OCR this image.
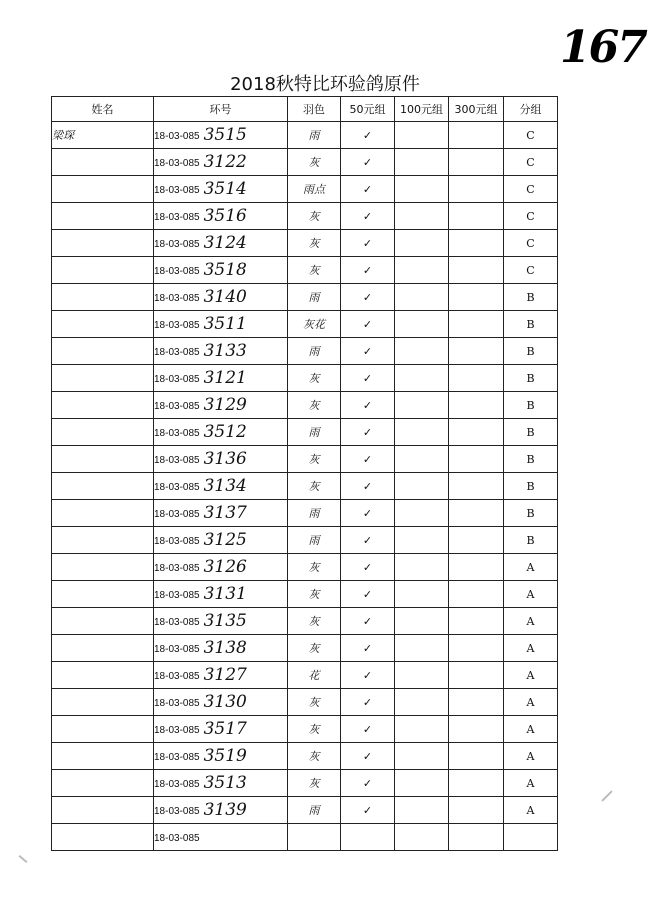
167
2018秋特比环验鸽原件
姓名	环号	羽色	50元组	100元组	300元组	分组
梁琛	18-03-085 3515	雨	✓			C
	18-03-085 3122	灰	✓			C
	18-03-085 3514	雨点	✓			C
	18-03-085 3516	灰	✓			C
	18-03-085 3124	灰	✓			C
	18-03-085 3518	灰	✓			C
	18-03-085 3140	雨	✓			B
	18-03-085 3511	灰花	✓			B
	18-03-085 3133	雨	✓			B
	18-03-085 3121	灰	✓			B
	18-03-085 3129	灰	✓			B
	18-03-085 3512	雨	✓			B
	18-03-085 3136	灰	✓			B
	18-03-085 3134	灰	✓			B
	18-03-085 3137	雨	✓			B
	18-03-085 3125	雨	✓			B
	18-03-085 3126	灰	✓			A
	18-03-085 3131	灰	✓			A
	18-03-085 3135	灰	✓			A
	18-03-085 3138	灰	✓			A
	18-03-085 3127	花	✓			A
	18-03-085 3130	灰	✓			A
	18-03-085 3517	灰	✓			A
	18-03-085 3519	灰	✓			A
	18-03-085 3513	灰	✓			A
	18-03-085 3139	雨	✓			A
	18-03-085					
